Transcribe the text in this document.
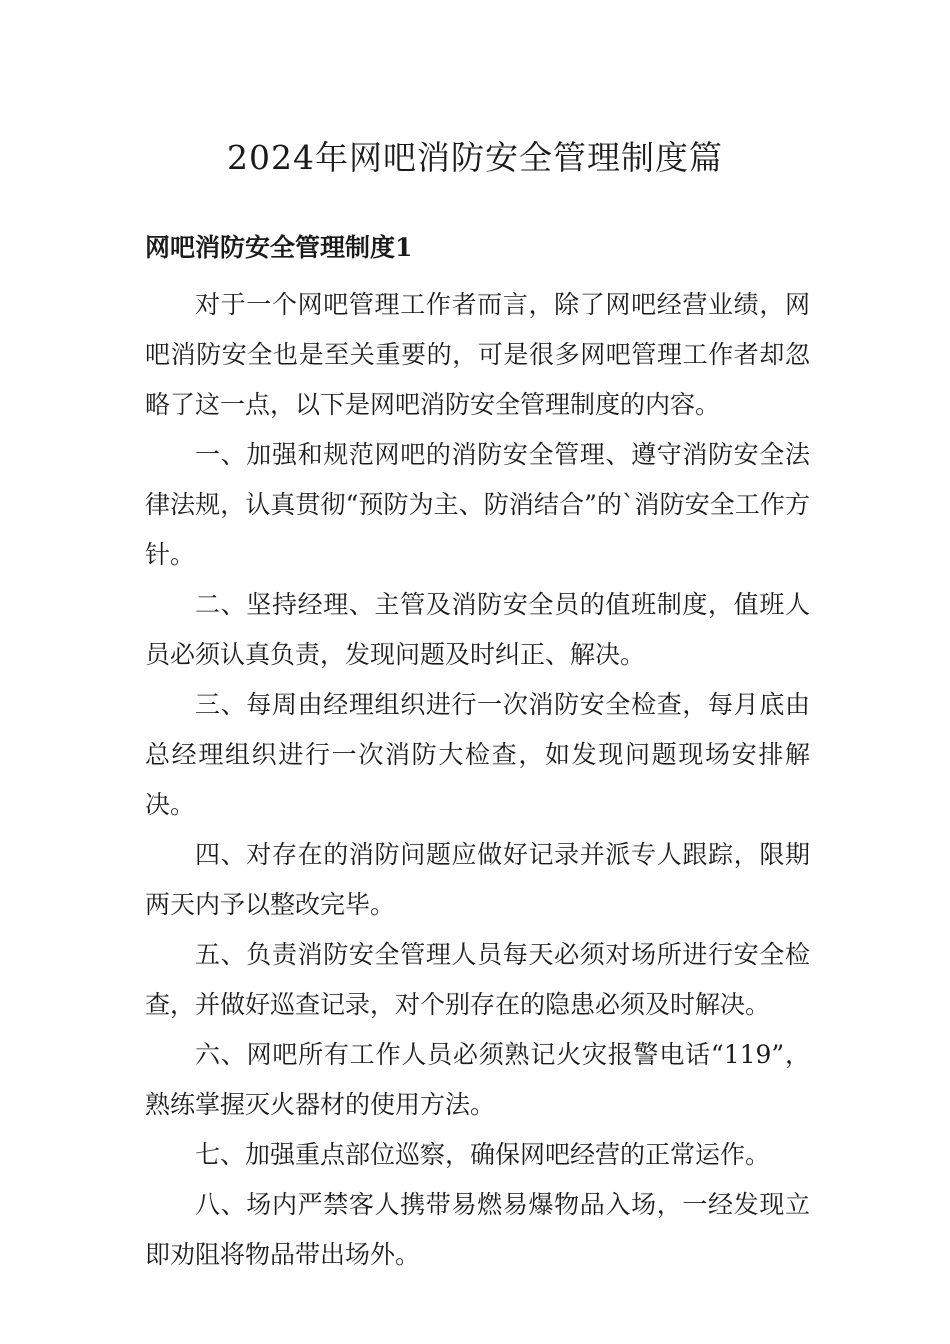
2024年网吧消防安全管理制度篇
网吧消防安全管理制度1

对于一个网吧管理工作者而言，除了网吧经营业绩，网吧消防安全也是至关重要的，可是很多网吧管理工作者却忽略了这一点，以下是网吧消防安全管理制度的内容。

一、加强和规范网吧的消防安全管理、遵守消防安全法律法规，认真贯彻“预防为主、防消结合”的`消防安全工作方针。

二、坚持经理、主管及消防安全员的值班制度，值班人员必须认真负责，发现问题及时纠正、解决。

三、每周由经理组织进行一次消防安全检查，每月底由总经理组织进行一次消防大检查，如发现问题现场安排解决。

四、对存在的消防问题应做好记录并派专人跟踪，限期两天内予以整改完毕。

五、负责消防安全管理人员每天必须对场所进行安全检查，并做好巡查记录，对个别存在的隐患必须及时解决。

六、网吧所有工作人员必须熟记火灾报警电话“119”，熟练掌握灭火器材的使用方法。

七、加强重点部位巡察，确保网吧经营的正常运作。

八、场内严禁客人携带易燃易爆物品入场，一经发现立即劝阻将物品带出场外。
